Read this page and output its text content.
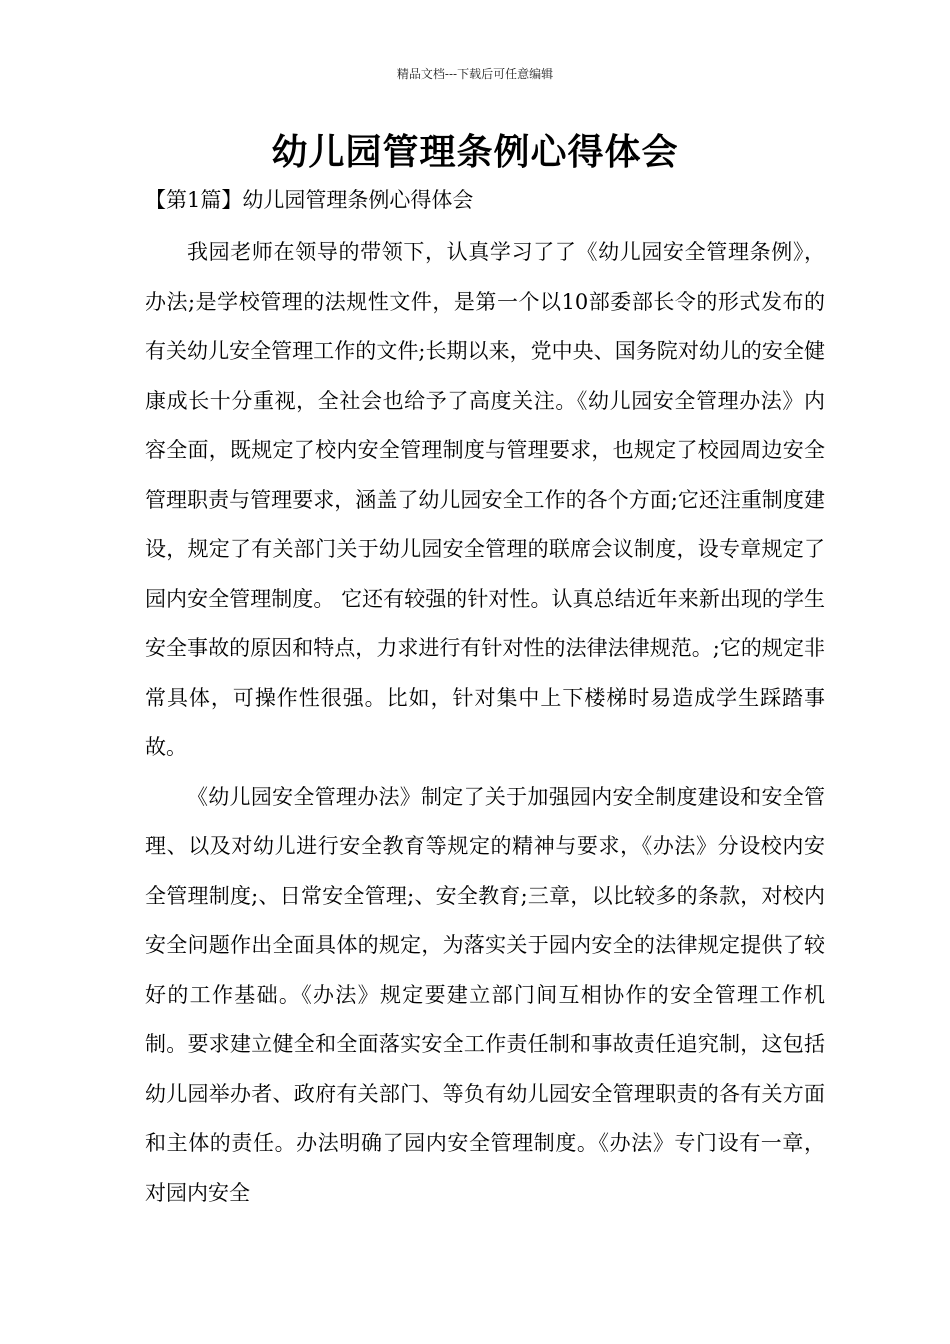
精品文档---下载后可任意编辑
幼儿园管理条例心得体会
【第1篇】幼儿园管理条例心得体会

我园老师在领导的带领下，认真学习了了《幼儿园安全管理条例》，办法;是学校管理的法规性文件，是第一个以10部委部长令的形式发布的有关幼儿安全管理工作的文件;长期以来，党中央、国务院对幼儿的安全健康成长十分重视，全社会也给予了高度关注。《幼儿园安全管理办法》内容全面，既规定了校内安全管理制度与管理要求，也规定了校园周边安全管理职责与管理要求，涵盖了幼儿园安全工作的各个方面;它还注重制度建设，规定了有关部门关于幼儿园安全管理的联席会议制度，设专章规定了园内安全管理制度。 它还有较强的针对性。认真总结近年来新出现的学生安全事故的原因和特点，力求进行有针对性的法律法律规范。;它的规定非常具体，可操作性很强。比如，针对集中上下楼梯时易造成学生踩踏事故。

《幼儿园安全管理办法》制定了关于加强园内安全制度建设和安全管理、以及对幼儿进行安全教育等规定的精神与要求，《办法》分设校内安全管理制度;、日常安全管理;、安全教育;三章，以比较多的条款，对校内安全问题作出全面具体的规定，为落实关于园内安全的法律规定提供了较好的工作基础。《办法》规定要建立部门间互相协作的安全管理工作机制。要求建立健全和全面落实安全工作责任制和事故责任追究制，这包括幼儿园举办者、政府有关部门、等负有幼儿园安全管理职责的各有关方面和主体的责任。办法明确了园内安全管理制度。《办法》专门设有一章，对园内安全
